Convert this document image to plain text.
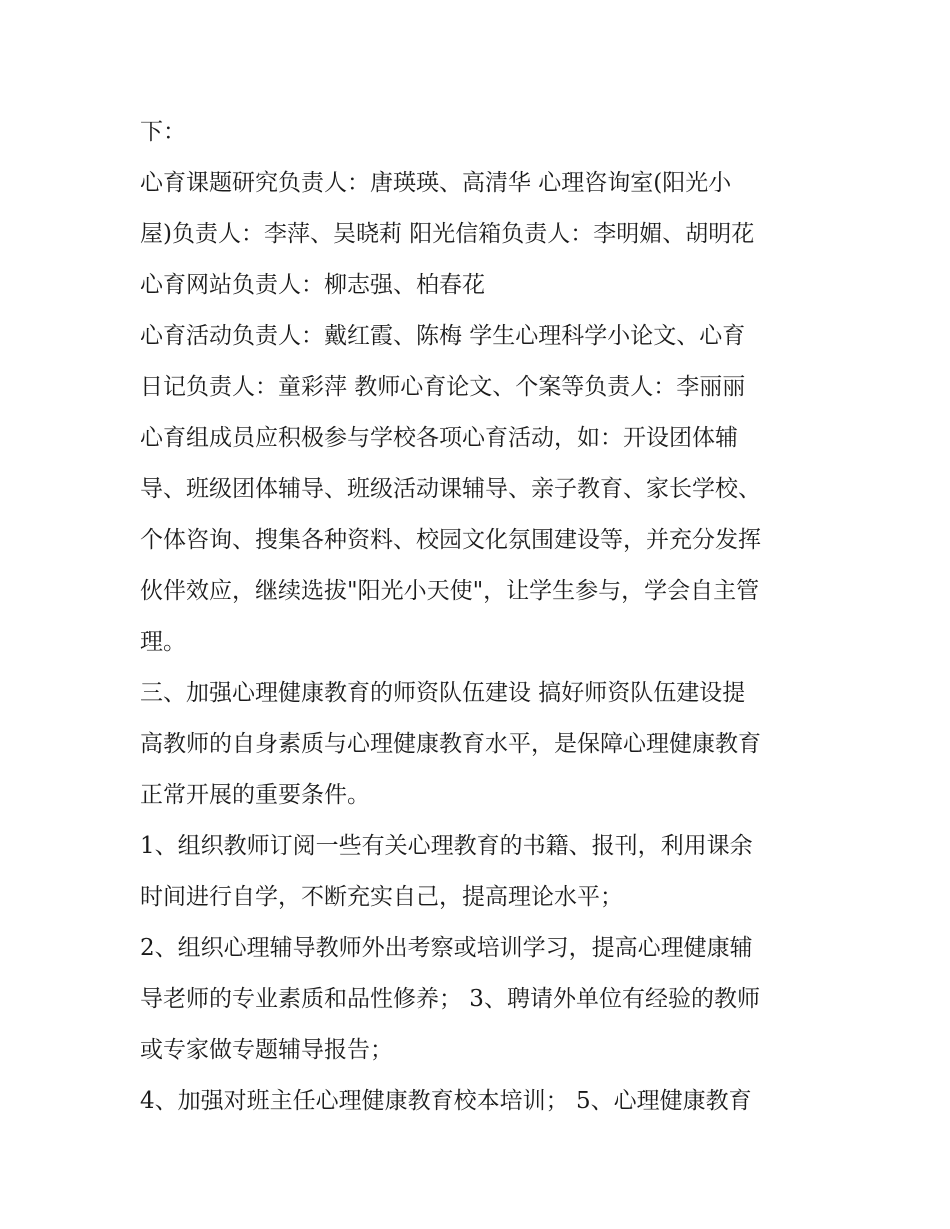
下：
心育课题研究负责人：唐瑛瑛、高清华 心理咨询室(阳光小
屋)负责人：李萍、吴晓莉 阳光信箱负责人：李明媚、胡明花
心育网站负责人：柳志强、柏春花
心育活动负责人：戴红霞、陈梅 学生心理科学小论文、心育
日记负责人：童彩萍 教师心育论文、个案等负责人：李丽丽
心育组成员应积极参与学校各项心育活动，如：开设团体辅
导、班级团体辅导、班级活动课辅导、亲子教育、家长学校、
个体咨询、搜集各种资料、校园文化氛围建设等，并充分发挥
伙伴效应，继续选拔"阳光小天使"，让学生参与，学会自主管
理。
三、加强心理健康教育的师资队伍建设 搞好师资队伍建设提
高教师的自身素质与心理健康教育水平，是保障心理健康教育
正常开展的重要条件。
1、组织教师订阅一些有关心理教育的书籍、报刊，利用课余
时间进行自学，不断充实自己，提高理论水平；
2、组织心理辅导教师外出考察或培训学习，提高心理健康辅
导老师的专业素质和品性修养； 3、聘请外单位有经验的教师
或专家做专题辅导报告；
4、加强对班主任心理健康教育校本培训； 5、心理健康教育
